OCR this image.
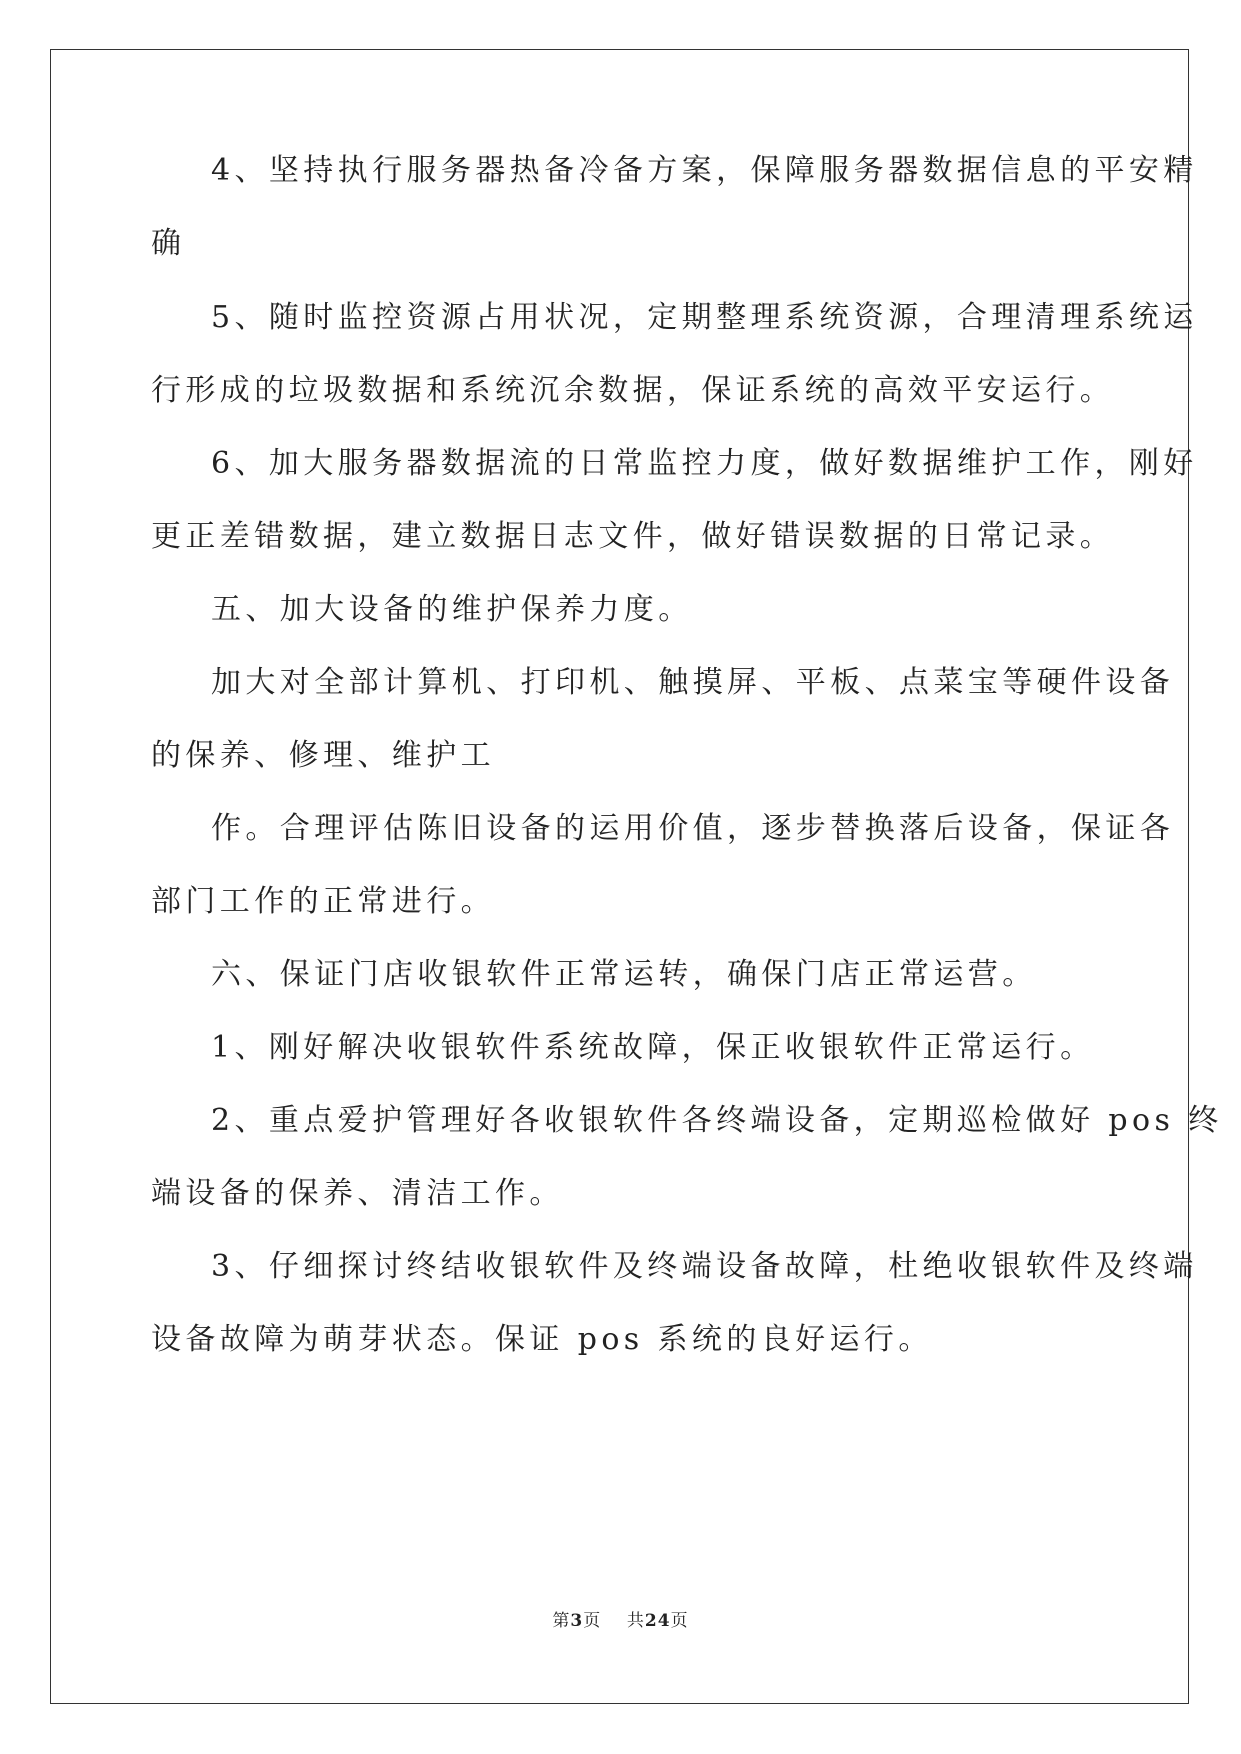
4、坚持执行服务器热备冷备方案，保障服务器数据信息的平安精
确
5、随时监控资源占用状况，定期整理系统资源，合理清理系统运
行形成的垃圾数据和系统沉余数据，保证系统的高效平安运行。
6、加大服务器数据流的日常监控力度，做好数据维护工作，刚好
更正差错数据，建立数据日志文件，做好错误数据的日常记录。
五、加大设备的维护保养力度。
加大对全部计算机、打印机、触摸屏、平板、点菜宝等硬件设备
的保养、修理、维护工
作。合理评估陈旧设备的运用价值，逐步替换落后设备，保证各
部门工作的正常进行。
六、保证门店收银软件正常运转，确保门店正常运营。
1、刚好解决收银软件系统故障，保正收银软件正常运行。
2、重点爱护管理好各收银软件各终端设备，定期巡检做好 pos 终
端设备的保养、清洁工作。
3、仔细探讨终结收银软件及终端设备故障，杜绝收银软件及终端
设备故障为萌芽状态。保证 pos 系统的良好运行。
第3页 共24页
